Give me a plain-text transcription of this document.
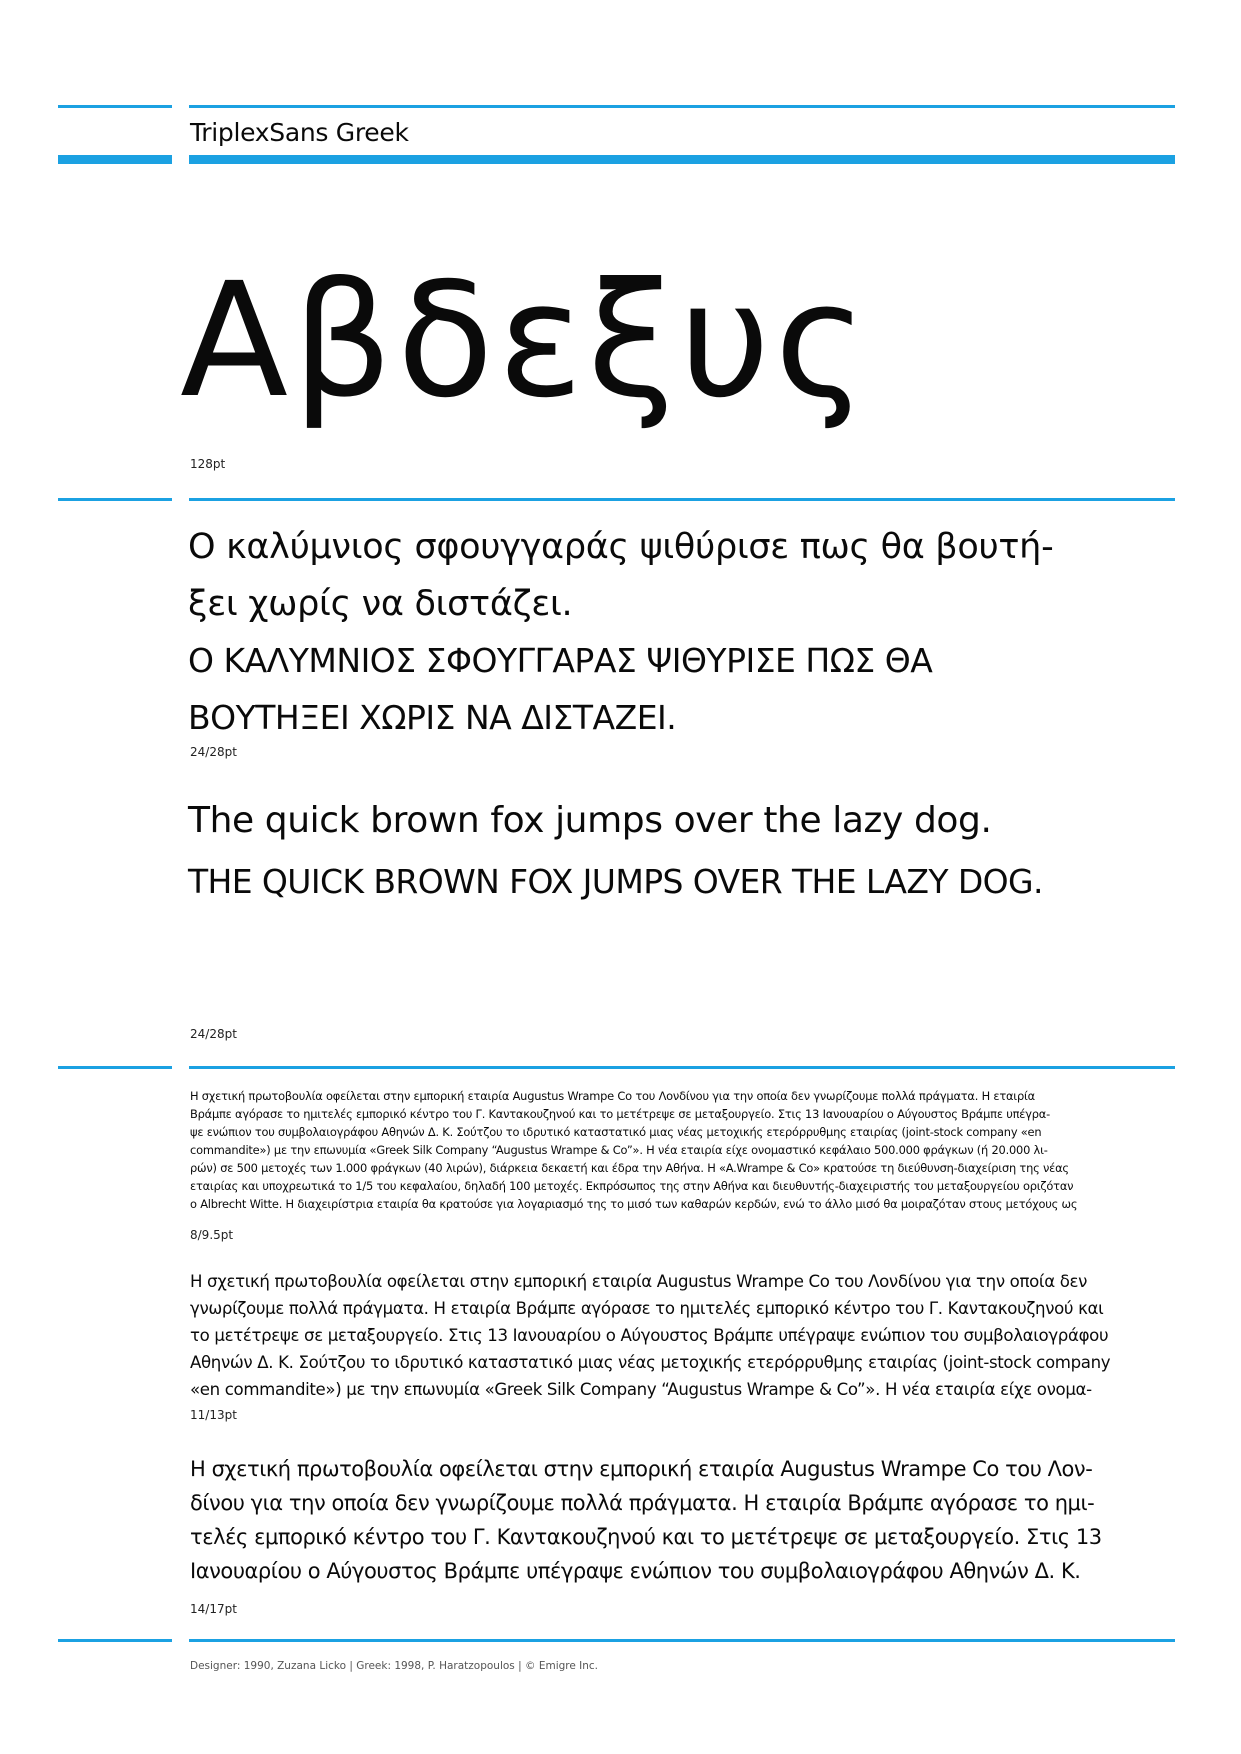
TriplexSans Greek
Αβδεξυς
128pt
Ο καλύμνιος σφουγγαράς ψιθύρισε πως θα βουτή-
ξει χωρίς να διστάζει.
Ο ΚΑΛΥΜΝΙΟΣ ΣΦΟΥΓΓΑΡΑΣ ΨΙΘΥΡΙΣΕ ΠΩΣ ΘΑ
ΒΟΥΤΗΞΕΙ ΧΩΡΙΣ ΝΑ ΔΙΣΤΑΖΕΙ.
24/28pt
The quick brown fox jumps over the lazy dog.
THE QUICK BROWN FOX JUMPS OVER THE LAZY DOG.
24/28pt
Η σχετική πρωτοβουλία οφείλεται στην εμπορική εταιρία Augustus Wrampe Co του Λονδίνου για την οποία δεν γνωρίζουμε πολλά πράγματα. Η εταιρία
Βράμπε αγόρασε το ημιτελές εμπορικό κέντρο του Γ. Καντακουζηνού και το μετέτρεψε σε μεταξουργείο. Στις 13 Ιανουαρίου ο Αύγουστος Βράμπε υπέγρα-
ψε ενώπιον του συμβολαιογράφου Αθηνών Δ. Κ. Σούτζου το ιδρυτικό καταστατικό μιας νέας μετοχικής ετερόρρυθμης εταιρίας (joint-stock company «en
commandite») με την επωνυμία «Greek Silk Company “Augustus Wrampe & Co”». Η νέα εταιρία είχε ονομαστικό κεφάλαιο 500.000 φράγκων (ή 20.000 λι-
ρών) σε 500 μετοχές των 1.000 φράγκων (40 λιρών), διάρκεια δεκαετή και έδρα την Αθήνα. Η «A.Wrampe & Co» κρατούσε τη διεύθυνση-διαχείριση της νέας
εταιρίας και υποχρεωτικά το 1/5 του κεφαλαίου, δηλαδή 100 μετοχές. Εκπρόσωπος της στην Αθήνα και διευθυντής-διαχειριστής του μεταξουργείου οριζόταν
ο Albrecht Witte. Η διαχειρίστρια εταιρία θα κρατούσε για λογαριασμό της το μισό των καθαρών κερδών, ενώ το άλλο μισό θα μοιραζόταν στους μετόχους ως
8/9.5pt
Η σχετική πρωτοβουλία οφείλεται στην εμπορική εταιρία Augustus Wrampe Co του Λονδίνου για την οποία δεν
γνωρίζουμε πολλά πράγματα. Η εταιρία Βράμπε αγόρασε το ημιτελές εμπορικό κέντρο του Γ. Καντακουζηνού και
το μετέτρεψε σε μεταξουργείο. Στις 13 Ιανουαρίου ο Αύγουστος Βράμπε υπέγραψε ενώπιον του συμβολαιογράφου
Αθηνών Δ. Κ. Σούτζου το ιδρυτικό καταστατικό μιας νέας μετοχικής ετερόρρυθμης εταιρίας (joint-stock company
«en commandite») με την επωνυμία «Greek Silk Company “Augustus Wrampe & Co”». Η νέα εταιρία είχε ονομα-
11/13pt
Η σχετική πρωτοβουλία οφείλεται στην εμπορική εταιρία Augustus Wrampe Co του Λον-
δίνου για την οποία δεν γνωρίζουμε πολλά πράγματα. Η εταιρία Βράμπε αγόρασε το ημι-
τελές εμπορικό κέντρο του Γ. Καντακουζηνού και το μετέτρεψε σε μεταξουργείο. Στις 13
Ιανουαρίου ο Αύγουστος Βράμπε υπέγραψε ενώπιον του συμβολαιογράφου Αθηνών Δ. Κ.
14/17pt
Designer: 1990, Zuzana Licko | Greek: 1998, P. Haratzopoulos | © Emigre Inc.
